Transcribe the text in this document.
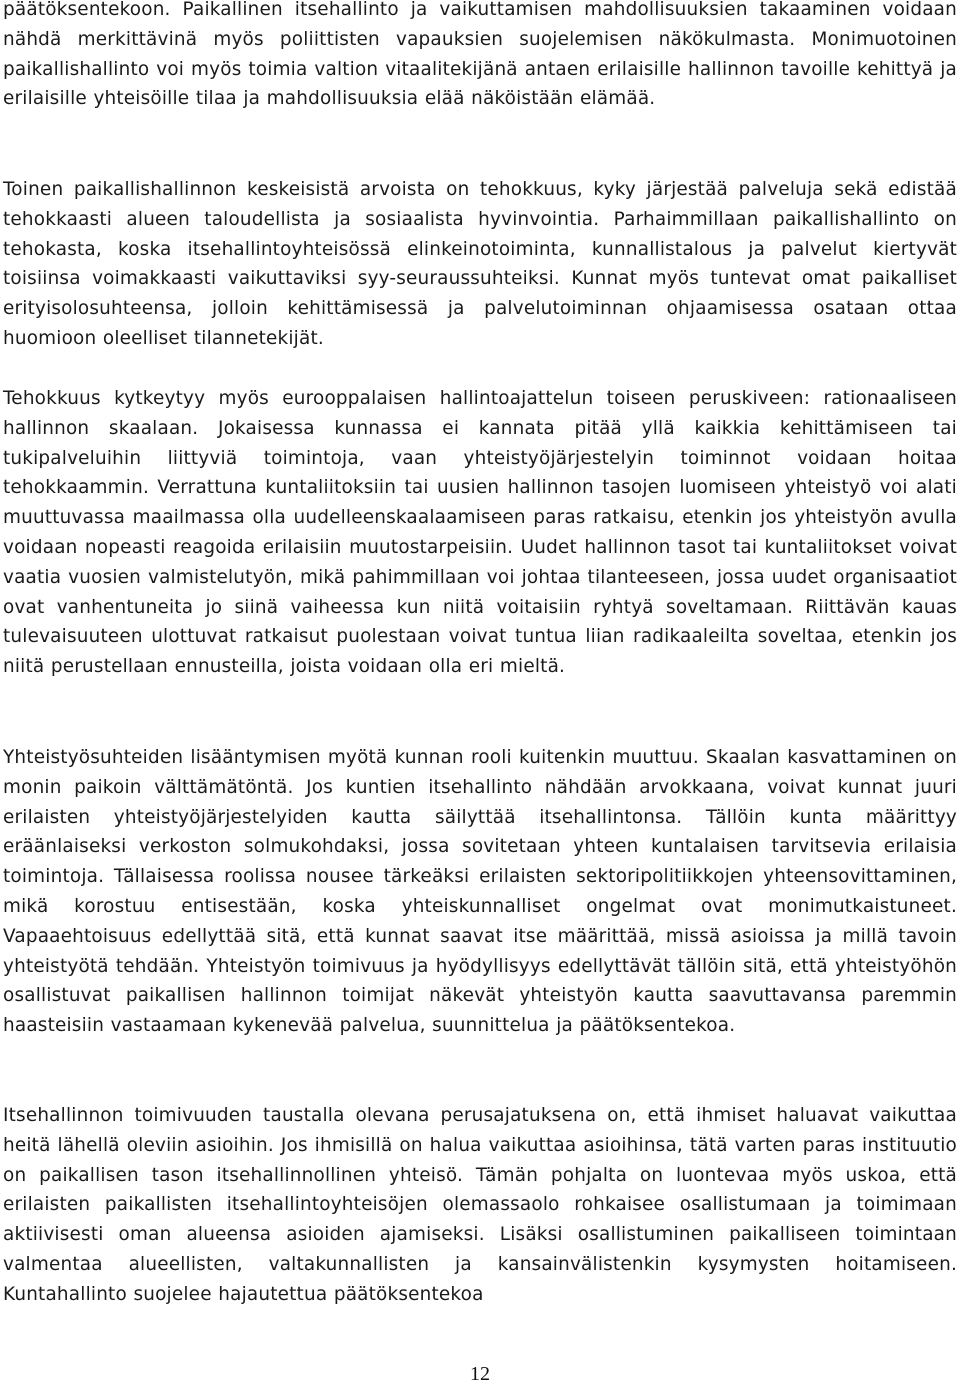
päätöksentekoon. Paikallinen itsehallinto ja vaikuttamisen mahdollisuuksien takaaminen voidaan nähdä merkittävinä myös poliittisten vapauksien suojelemisen näkökulmasta. Monimuotoinen paikallishallinto voi myös toimia valtion vitaalitekijänä antaen erilaisille hallinnon tavoille kehittyä ja erilaisille yhteisöille tilaa ja mahdollisuuksia elää näköistään elämää.

Toinen paikallishallinnon keskeisistä arvoista on tehokkuus, kyky järjestää palveluja sekä edistää tehokkaasti alueen taloudellista ja sosiaalista hyvinvointia. Parhaimmillaan paikallishallinto on tehokasta, koska itsehallintoyhteisössä elinkeinotoiminta, kunnallistalous ja palvelut kiertyvät toisiinsa voimakkaasti vaikuttaviksi syy-seuraussuhteiksi. Kunnat myös tuntevat omat paikalliset erityisolosuhteensa, jolloin kehittämisessä ja palvelutoiminnan ohjaamisessa osataan ottaa huomioon oleelliset tilannetekijät.

Tehokkuus kytkeytyy myös eurooppalaisen hallintoajattelun toiseen peruskiveen: rationaaliseen hallinnon skaalaan. Jokaisessa kunnassa ei kannata pitää yllä kaikkia kehittämiseen tai tukipalveluihin liittyviä toimintoja, vaan yhteistyöjärjestelyin toiminnot voidaan hoitaa tehokkaammin. Verrattuna kuntaliitoksiin tai uusien hallinnon tasojen luomiseen yhteistyö voi alati muuttuvassa maailmassa olla uudelleenskaalaamiseen paras ratkaisu, etenkin jos yhteistyön avulla voidaan nopeasti reagoida erilaisiin muutostarpeisiin. Uudet hallinnon tasot tai kuntaliitokset voivat vaatia vuosien valmistelutyön, mikä pahimmillaan voi johtaa tilanteeseen, jossa uudet organisaatiot ovat vanhentuneita jo siinä vaiheessa kun niitä voitaisiin ryhtyä soveltamaan. Riittävän kauas tulevaisuuteen ulottuvat ratkaisut puolestaan voivat tuntua liian radikaaleilta soveltaa, etenkin jos niitä perustellaan ennusteilla, joista voidaan olla eri mieltä.

Yhteistyösuhteiden lisääntymisen myötä kunnan rooli kuitenkin muuttuu. Skaalan kasvattaminen on monin paikoin välttämätöntä. Jos kuntien itsehallinto nähdään arvokkaana, voivat kunnat juuri erilaisten yhteistyöjärjestelyiden kautta säilyttää itsehallintonsa. Tällöin kunta määrittyy eräänlaiseksi verkoston solmukohdaksi, jossa sovitetaan yhteen kuntalaisen tarvitsevia erilaisia toimintoja. Tällaisessa roolissa nousee tärkeäksi erilaisten sektoripolitiikkojen yhteensovittaminen, mikä korostuu entisestään, koska yhteiskunnalliset ongelmat ovat monimutkaistuneet. Vapaaehtoisuus edellyttää sitä, että kunnat saavat itse määrittää, missä asioissa ja millä tavoin yhteistyötä tehdään. Yhteistyön toimivuus ja hyödyllisyys edellyttävät tällöin sitä, että yhteistyöhön osallistuvat paikallisen hallinnon toimijat näkevät yhteistyön kautta saavuttavansa paremmin haasteisiin vastaamaan kykenevää palvelua, suunnittelua ja päätöksentekoa.

Itsehallinnon toimivuuden taustalla olevana perusajatuksena on, että ihmiset haluavat vaikuttaa heitä lähellä oleviin asioihin. Jos ihmisillä on halua vaikuttaa asioihinsa, tätä varten paras instituutio on paikallisen tason itsehallinnollinen yhteisö. Tämän pohjalta on luontevaa myös uskoa, että erilaisten paikallisten itsehallintoyhteisöjen olemassaolo rohkaisee osallistumaan ja toimimaan aktiivisesti oman alueensa asioiden ajamiseksi. Lisäksi osallistuminen paikalliseen toimintaan valmentaa alueellisten, valtakunnallisten ja kansainvälistenkin kysymysten hoitamiseen. Kuntahallinto suojelee hajautettua päätöksentekoa

12
